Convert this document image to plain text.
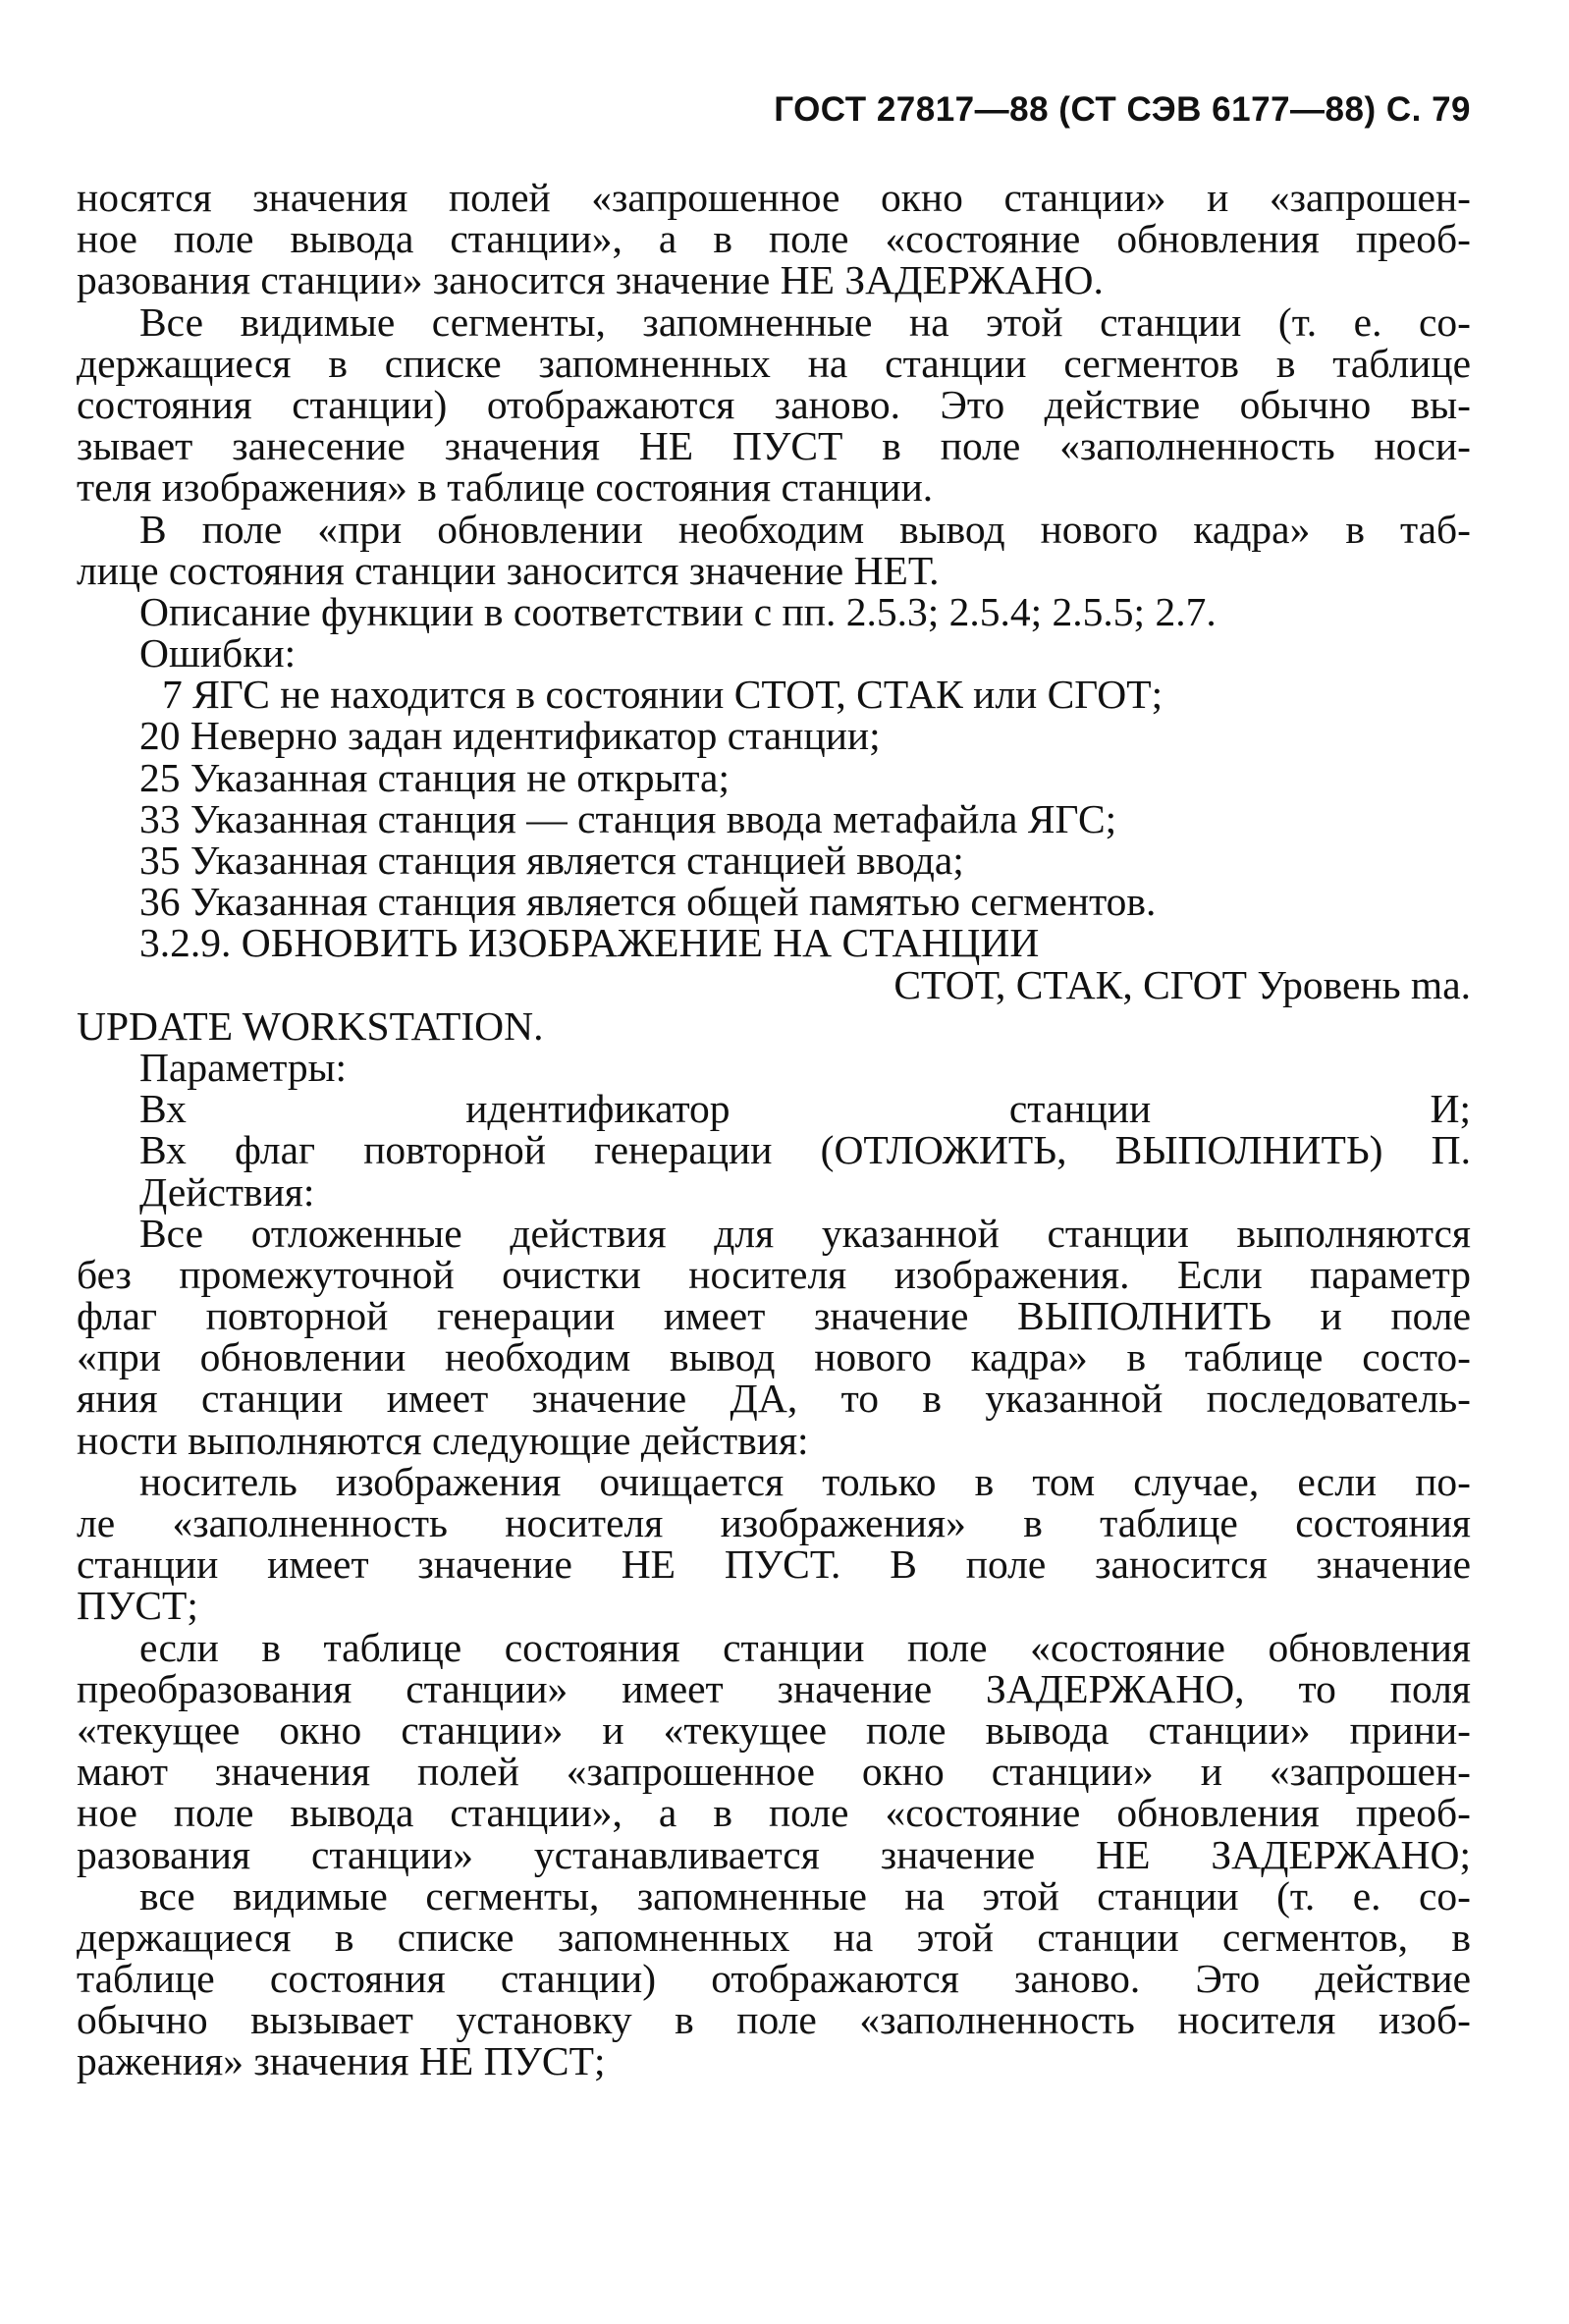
ГОСТ 27817—88 (СТ СЭВ 6177—88) С. 79
носятся значения полей «запрошенное окно станции» и «запрошен-
ное поле вывода станции», а в поле «состояние обновления преоб-
разования станции» заносится значение НЕ ЗАДЕРЖАНО.
Все видимые сегменты, запомненные на этой станции (т. е. со-
держащиеся в списке запомненных на станции сегментов в таблице
состояния станции) отображаются заново. Это действие обычно вы-
зывает занесение значения НЕ ПУСТ в поле «заполненность носи-
теля изображения» в таблице состояния станции.
В поле «при обновлении необходим вывод нового кадра» в таб-
лице состояния станции заносится значение НЕТ.
Описание функции в соответствии с пп. 2.5.3; 2.5.4; 2.5.5; 2.7.
Ошибки:
7 ЯГС не находится в состоянии СТОТ, СТАК или СГОТ;
20 Неверно задан идентификатор станции;
25 Указанная станция не открыта;
33 Указанная станция — станция ввода метафайла ЯГС;
35 Указанная станция является станцией ввода;
36 Указанная станция является общей памятью сегментов.
3.2.9. ОБНОВИТЬ ИЗОБРАЖЕНИЕ НА СТАНЦИИ
СТОТ, СТАК, СГОТ Уровень mа.
UPDATE WORKSTATION.
Параметры:
Вх идентификатор станции	И;
Вх флаг повторной генерации (ОТЛОЖИТЬ, ВЫПОЛНИТЬ) П.
Действия:
Все отложенные действия для указанной станции выполняются
без промежуточной очистки носителя изображения. Если параметр
флаг повторной генерации имеет значение ВЫПОЛНИТЬ и поле
«при обновлении необходим вывод нового кадра» в таблице состо-
яния станции имеет значение ДА, то в указанной последователь-
ности выполняются следующие действия:
носитель изображения очищается только в том случае, если по-
ле «заполненность носителя изображения» в таблице состояния
станции имеет значение НЕ ПУСТ. В поле заносится значение
ПУСТ;
если в таблице состояния станции поле «состояние обновления
преобразования станции» имеет значение ЗАДЕРЖАНО, то поля
«текущее окно станции» и «текущее поле вывода станции» прини-
мают значения полей «запрошенное окно станции» и «запрошен-
ное поле вывода станции», а в поле «состояние обновления преоб-
разования станции» устанавливается значение НЕ ЗАДЕРЖАНО;
все видимые сегменты, запомненные на этой станции (т. е. со-
держащиеся в списке запомненных на этой станции сегментов, в
таблице состояния станции) отображаются заново. Это действие
обычно вызывает установку в поле «заполненность носителя изоб-
ражения» значения НЕ ПУСТ;
